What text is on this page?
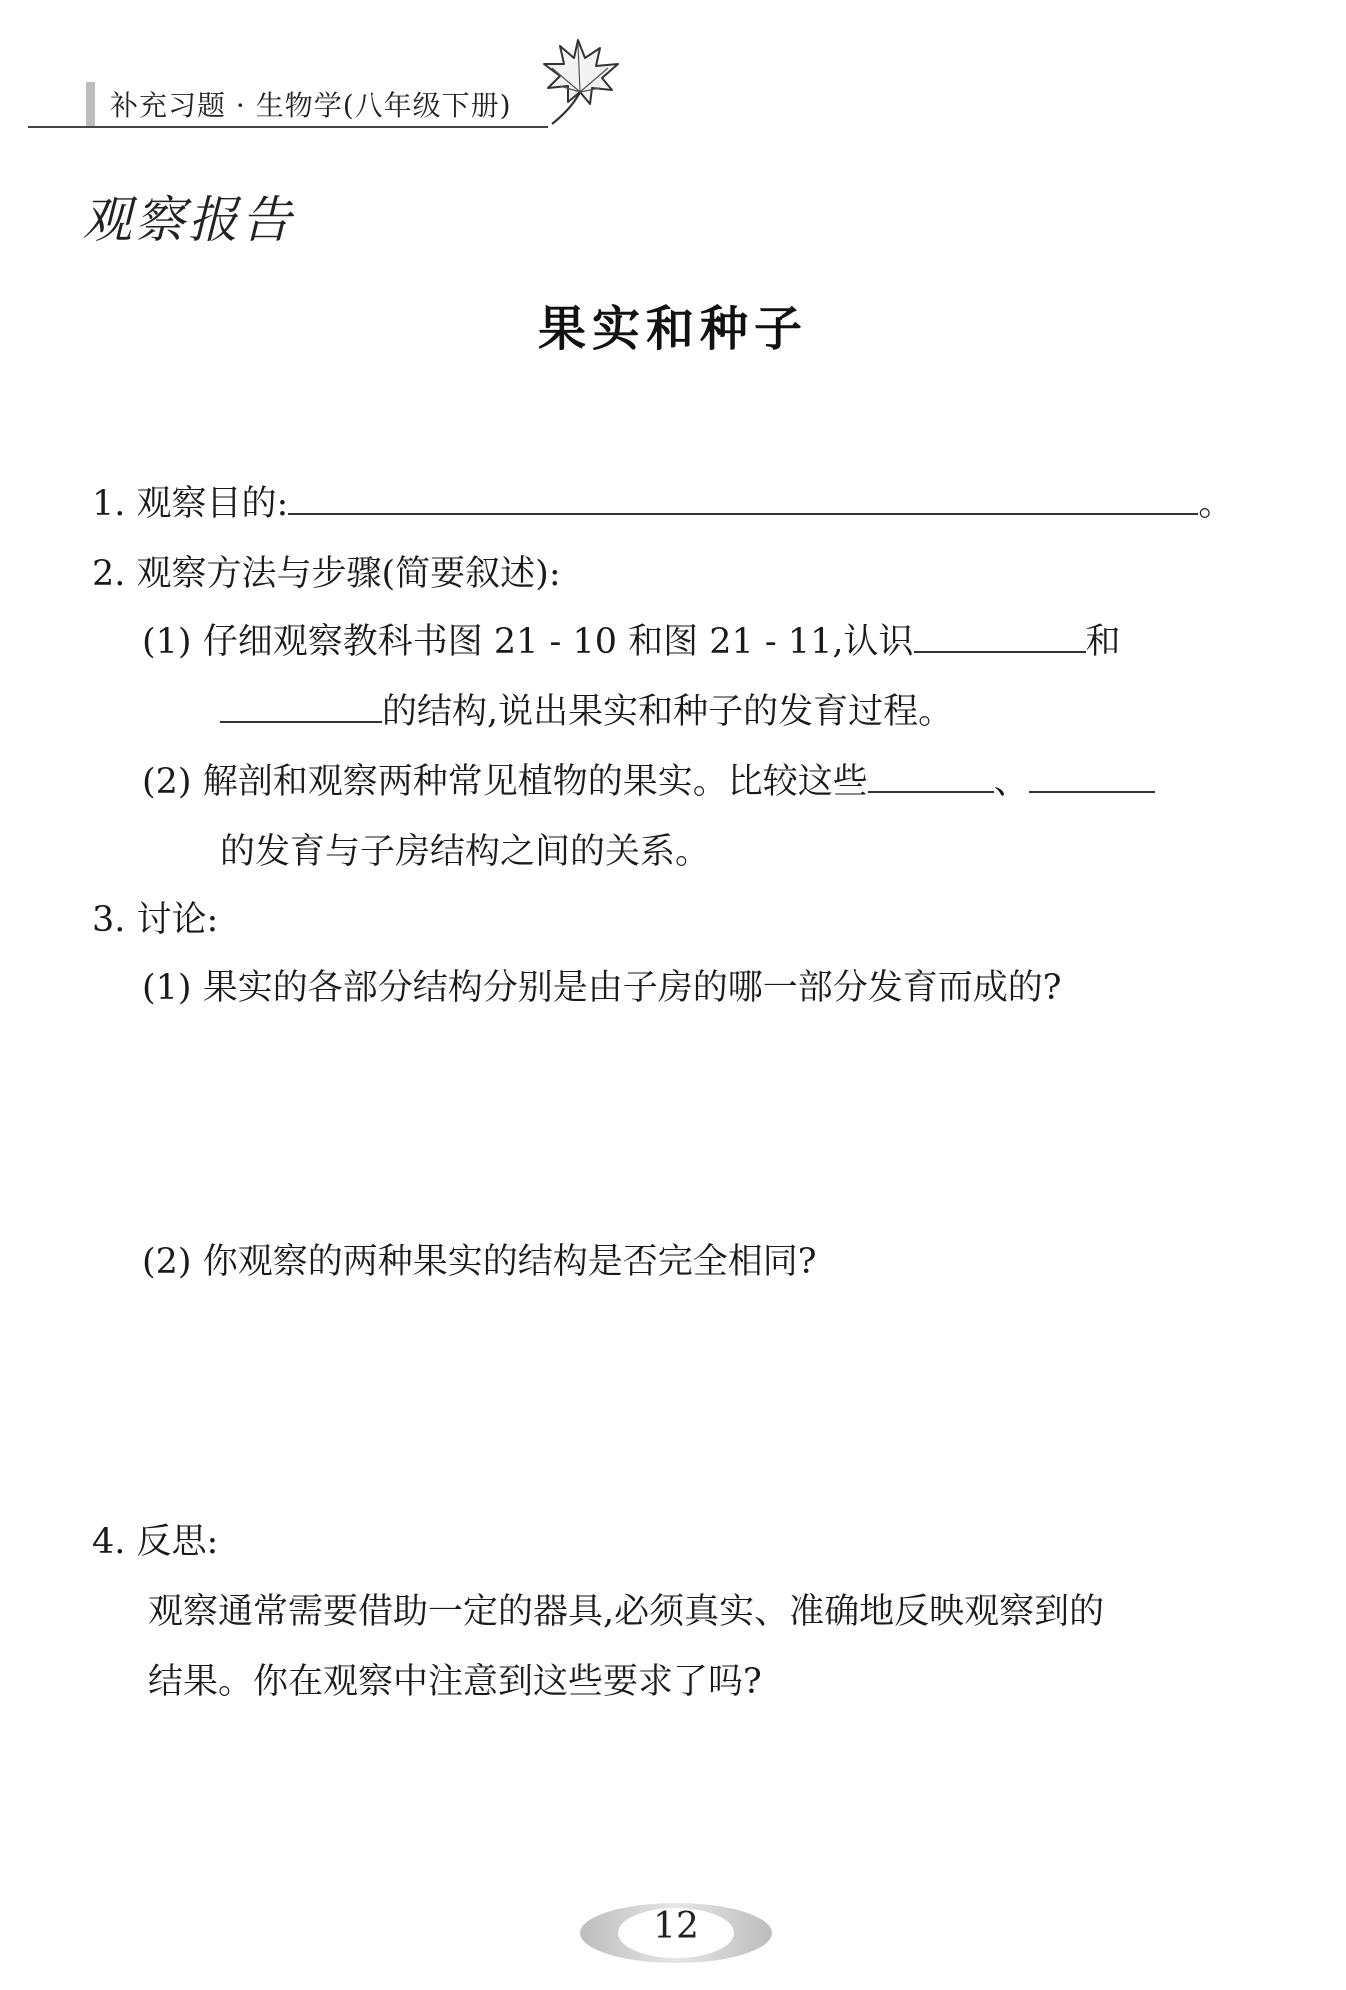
补充习题 · 生物学(八年级下册)
观察报告
果实和种子
1. 观察目的:	。
2. 观察方法与步骤(简要叙述):
(1) 仔细观察教科书图 21 - 10 和图 21 - 11,认识	和
的结构,说出果实和种子的发育过程。
(2) 解剖和观察两种常见植物的果实。比较这些	、
的发育与子房结构之间的关系。
3. 讨论:
(1) 果实的各部分结构分别是由子房的哪一部分发育而成的?
(2) 你观察的两种果实的结构是否完全相同?
4. 反思:
观察通常需要借助一定的器具,必须真实、准确地反映观察到的
结果。你在观察中注意到这些要求了吗?
12
